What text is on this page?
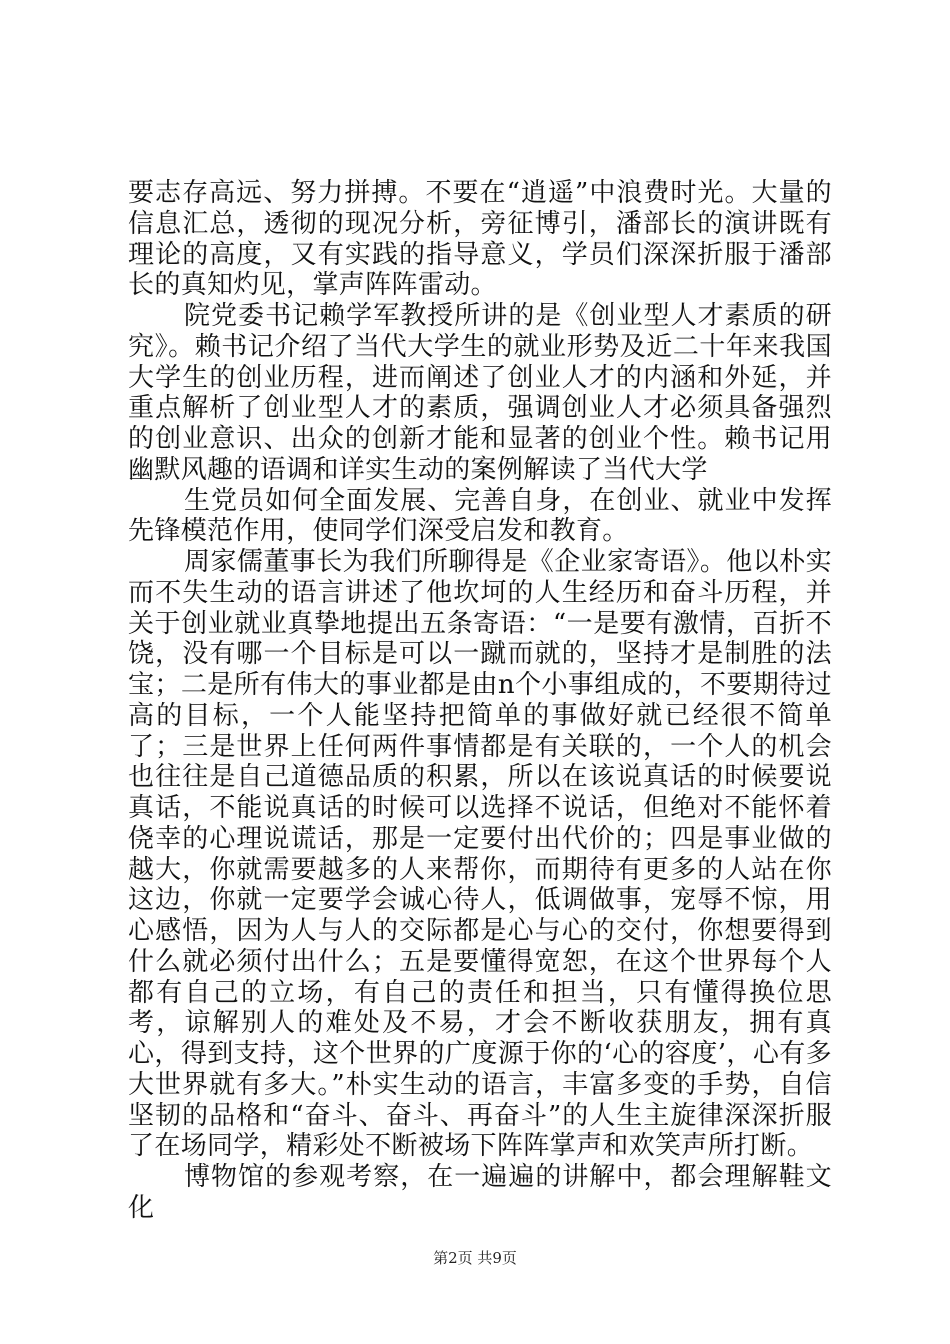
要志存高远、努力拼搏。不要在“逍遥”中浪费时光。大量的信息汇总，透彻的现况分析，旁征博引，潘部长的演讲既有理论的高度，又有实践的指导意义，学员们深深折服于潘部长的真知灼见，掌声阵阵雷动。

院党委书记赖学军教授所讲的是《创业型人才素质的研究》。赖书记介绍了当代大学生的就业形势及近二十年来我国大学生的创业历程，进而阐述了创业人才的内涵和外延，并重点解析了创业型人才的素质，强调创业人才必须具备强烈的创业意识、出众的创新才能和显著的创业个性。赖书记用幽默风趣的语调和详实生动的案例解读了当代大学

生党员如何全面发展、完善自身，在创业、就业中发挥先锋模范作用，使同学们深受启发和教育。

周家儒董事长为我们所聊得是《企业家寄语》。他以朴实而不失生动的语言讲述了他坎坷的人生经历和奋斗历程，并关于创业就业真挚地提出五条寄语：“一是要有激情，百折不饶，没有哪一个目标是可以一蹴而就的，坚持才是制胜的法宝；二是所有伟大的事业都是由n个小事组成的，不要期待过高的目标，一个人能坚持把简单的事做好就已经很不简单了；三是世界上任何两件事情都是有关联的，一个人的机会也往往是自己道德品质的积累，所以在该说真话的时候要说真话，不能说真话的时候可以选择不说话，但绝对不能怀着侥幸的心理说谎话，那是一定要付出代价的；四是事业做的越大，你就需要越多的人来帮你，而期待有更多的人站在你这边，你就一定要学会诚心待人，低调做事，宠辱不惊，用心感悟，因为人与人的交际都是心与心的交付，你想要得到什么就必须付出什么；五是要懂得宽恕，在这个世界每个人都有自己的立场，有自己的责任和担当，只有懂得换位思考，谅解别人的难处及不易，才会不断收获朋友，拥有真心，得到支持，这个世界的广度源于你的‘心的容度’，心有多大世界就有多大。”朴实生动的语言，丰富多变的手势，自信坚韧的品格和“奋斗、奋斗、再奋斗”的人生主旋律深深折服了在场同学，精彩处不断被场下阵阵掌声和欢笑声所打断。

博物馆的参观考察，在一遍遍的讲解中，都会理解鞋文化

第2页 共9页
